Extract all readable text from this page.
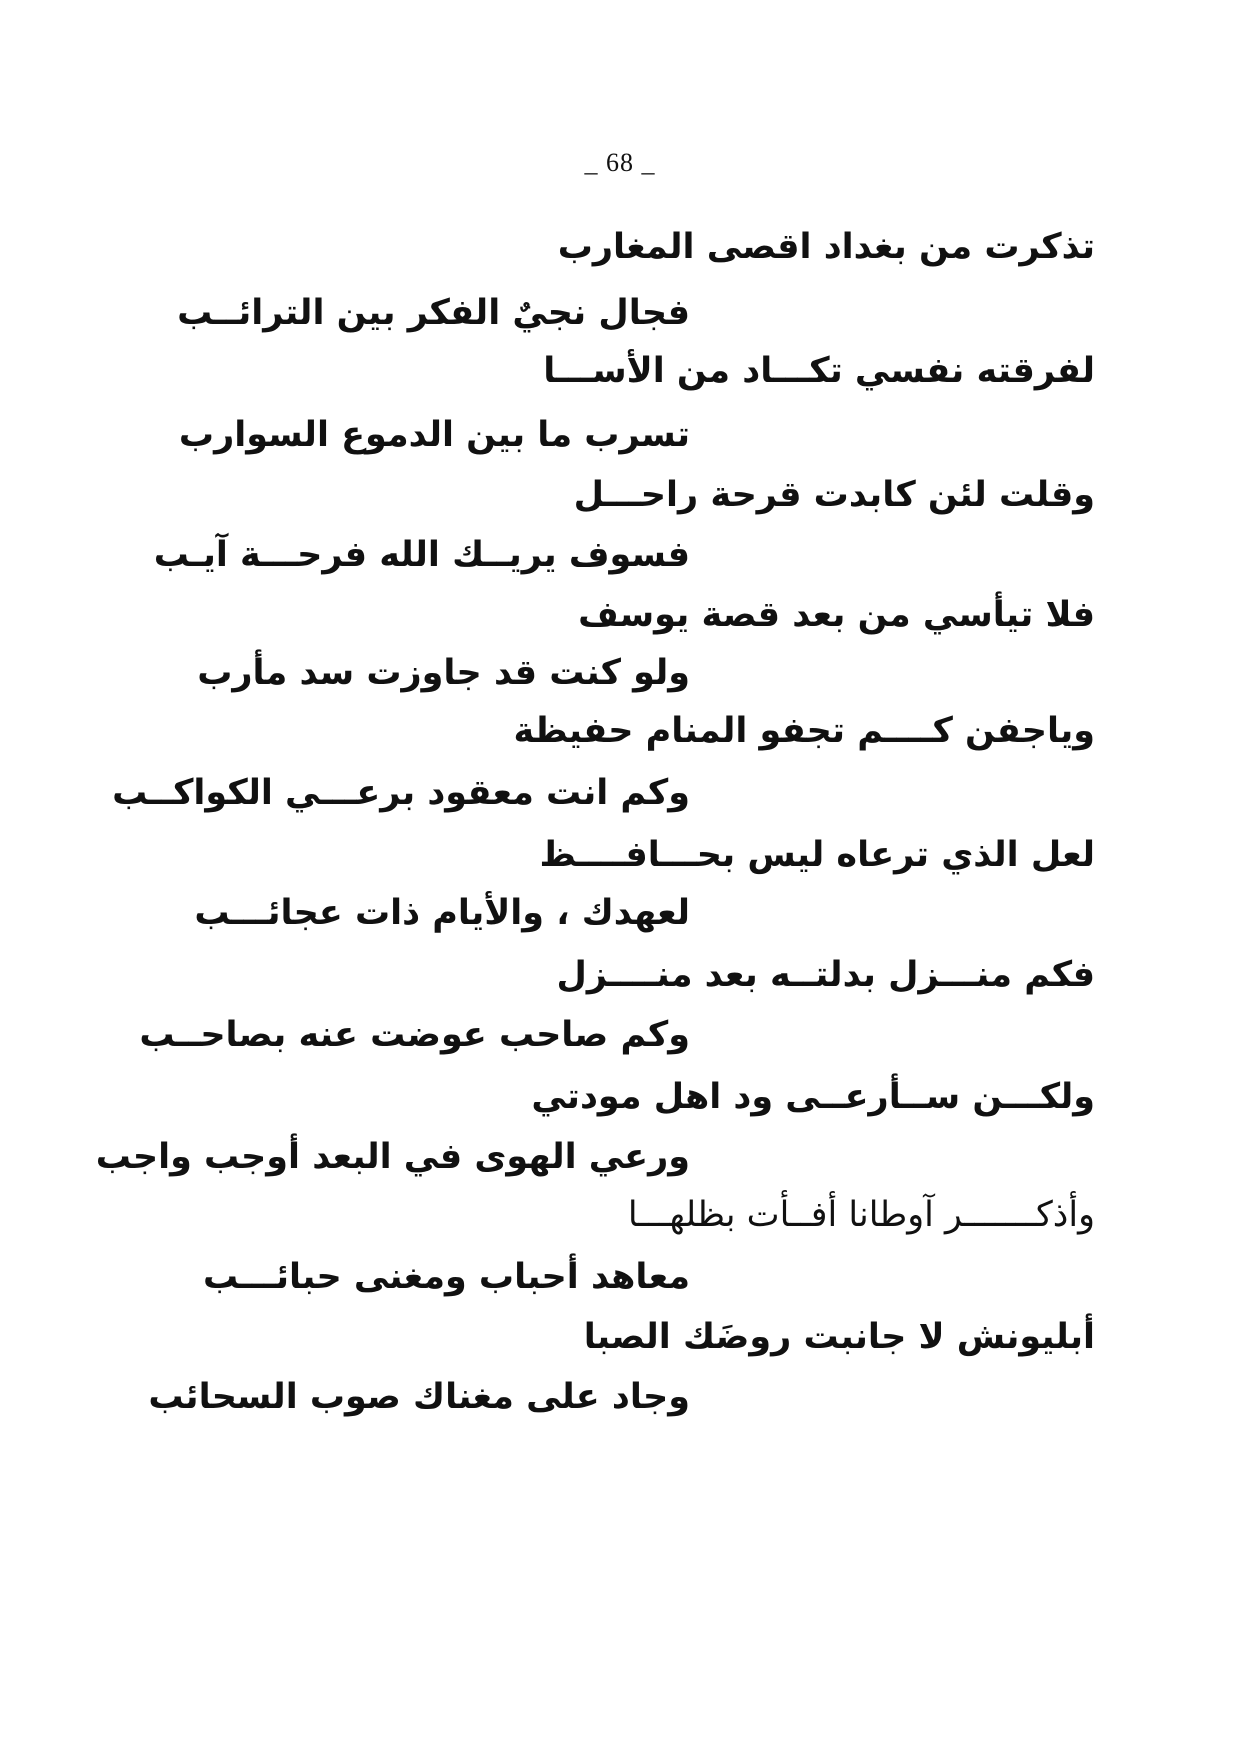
_ 68 _
تذكرت من بغداد اقصى المغارب
فجال نجيٌ الفكر بين الترائــب
لفرقته نفسي تكـــاد من الأســـا
تسرب ما بين الدموع السوارب
وقلت لئن كابدت قرحة راحـــل
فسوف يريــك الله فرحـــة آيـب
فلا تيأسي من بعد قصة يوسف
ولو كنت قد جاوزت سد مأرب
وياجفن كــــم تجفو المنام حفيظة
وكم انت معقود برعـــي الكواكــب
لعل الذي ترعاه ليس بحـــافــــظ
لعهدك ، والأيام ذات عجائـــب
فكم منـــزل بدلتــه بعد منــــزل
وكم صاحب عوضت عنه بصاحــب
ولكـــن ســأرعــى ود اهل مودتي
ورعي الهوى في البعد أوجب واجب
وأذكـــــــر آوطانا أفــأت بظلهـــا
معاهد أحباب ومغنى حبائـــب
أبليونش لا جانبت روضَك الصبا
وجاد على مغناك صوب السحائب
